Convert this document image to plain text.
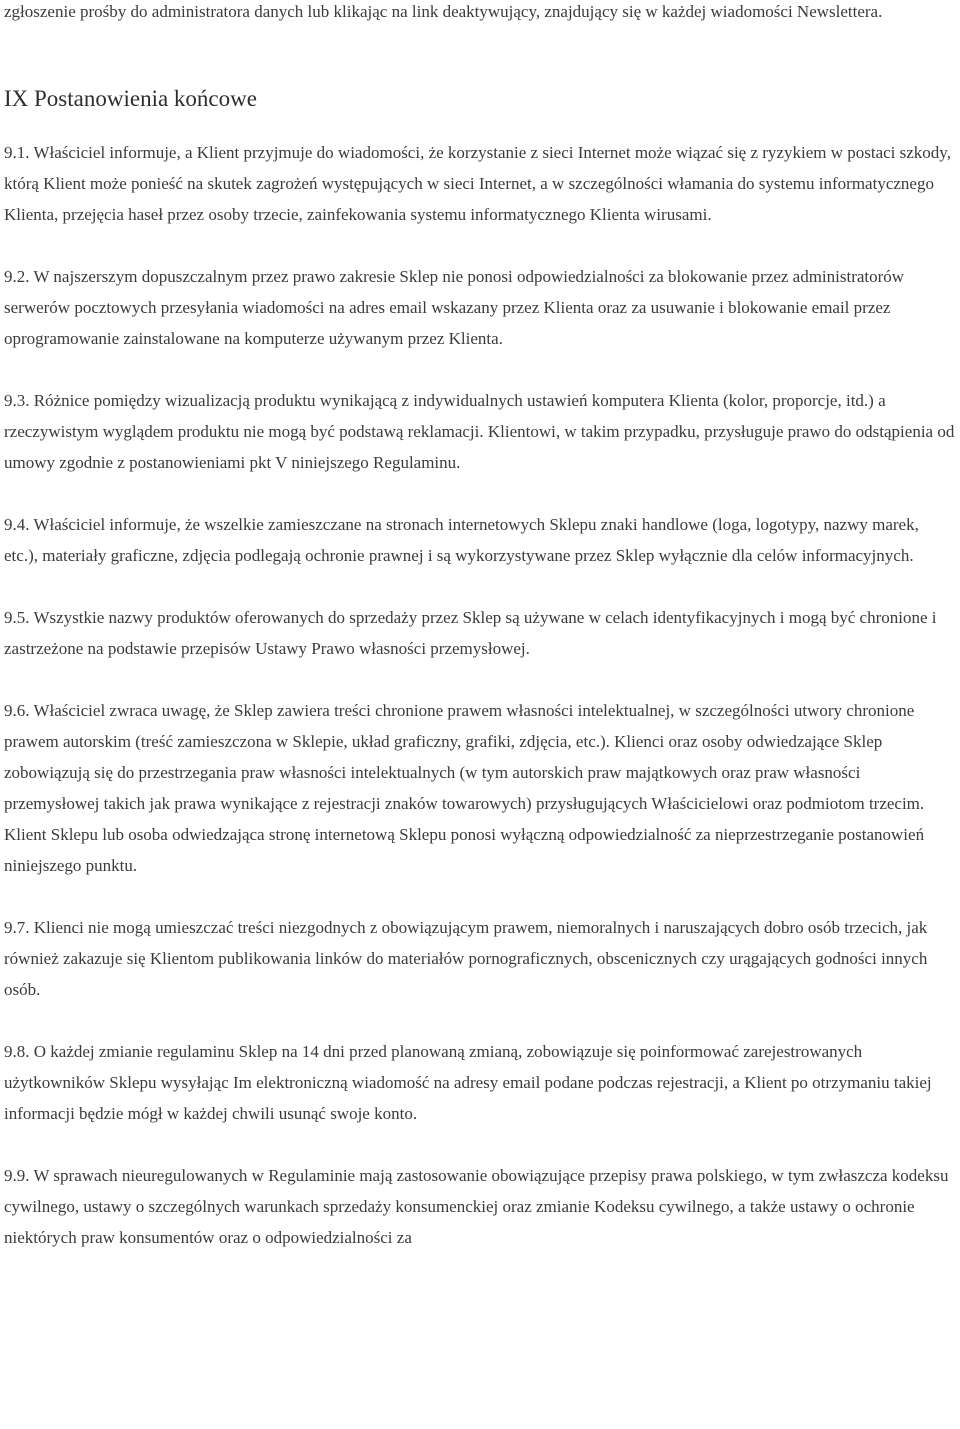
zgłoszenie prośby do administratora danych lub klikając na link deaktywujący, znajdujący się w każdej wiadomości Newslettera.

IX Postanowienia końcowe

9.1. Właściciel informuje, a Klient przyjmuje do wiadomości, że korzystanie z sieci Internet może wiązać się z ryzykiem w postaci szkody, którą Klient może ponieść na skutek zagrożeń występujących w sieci Internet, a w szczególności włamania do systemu informatycznego Klienta, przejęcia haseł przez osoby trzecie, zainfekowania systemu informatycznego Klienta wirusami.

9.2. W najszerszym dopuszczalnym przez prawo zakresie Sklep nie ponosi odpowiedzialności za blokowanie przez administratorów serwerów pocztowych przesyłania wiadomości na adres email wskazany przez Klienta oraz za usuwanie i blokowanie email przez oprogramowanie zainstalowane na komputerze używanym przez Klienta.

9.3. Różnice pomiędzy wizualizacją produktu wynikającą z indywidualnych ustawień komputera Klienta (kolor, proporcje, itd.) a rzeczywistym wyglądem produktu nie mogą być podstawą reklamacji. Klientowi, w takim przypadku, przysługuje prawo do odstąpienia od umowy zgodnie z postanowieniami pkt V niniejszego Regulaminu.

9.4. Właściciel informuje, że wszelkie zamieszczane na stronach internetowych Sklepu znaki handlowe (loga, logotypy, nazwy marek, etc.), materiały graficzne, zdjęcia podlegają ochronie prawnej i są wykorzystywane przez Sklep wyłącznie dla celów informacyjnych.

9.5. Wszystkie nazwy produktów oferowanych do sprzedaży przez Sklep są używane w celach identyfikacyjnych i mogą być chronione i zastrzeżone na podstawie przepisów Ustawy Prawo własności przemysłowej.

9.6. Właściciel zwraca uwagę, że Sklep zawiera treści chronione prawem własności intelektualnej, w szczególności utwory chronione prawem autorskim (treść zamieszczona w Sklepie, układ graficzny, grafiki, zdjęcia, etc.). Klienci oraz osoby odwiedzające Sklep zobowiązują się do przestrzegania praw własności intelektualnych (w tym autorskich praw majątkowych oraz praw własności przemysłowej takich jak prawa wynikające z rejestracji znaków towarowych) przysługujących Właścicielowi oraz podmiotom trzecim. Klient Sklepu lub osoba odwiedzająca stronę internetową Sklepu ponosi wyłączną odpowiedzialność za nieprzestrzeganie postanowień niniejszego punktu.

9.7. Klienci nie mogą umieszczać treści niezgodnych z obowiązującym prawem, niemoralnych i naruszających dobro osób trzecich, jak również zakazuje się Klientom publikowania linków do materiałów pornograficznych, obscenicznych czy urągających godności innych osób.

9.8. O każdej zmianie regulaminu Sklep na 14 dni przed planowaną zmianą, zobowiązuje się poinformować zarejestrowanych użytkowników Sklepu wysyłając Im elektroniczną wiadomość na adresy email podane podczas rejestracji, a Klient po otrzymaniu takiej informacji będzie mógł w każdej chwili usunąć swoje konto.

9.9. W sprawach nieuregulowanych w Regulaminie mają zastosowanie obowiązujące przepisy prawa polskiego, w tym zwłaszcza kodeksu cywilnego, ustawy o szczególnych warunkach sprzedaży konsumenckiej oraz zmianie Kodeksu cywilnego, a także ustawy o ochronie niektórych praw konsumentów oraz o odpowiedzialności za
